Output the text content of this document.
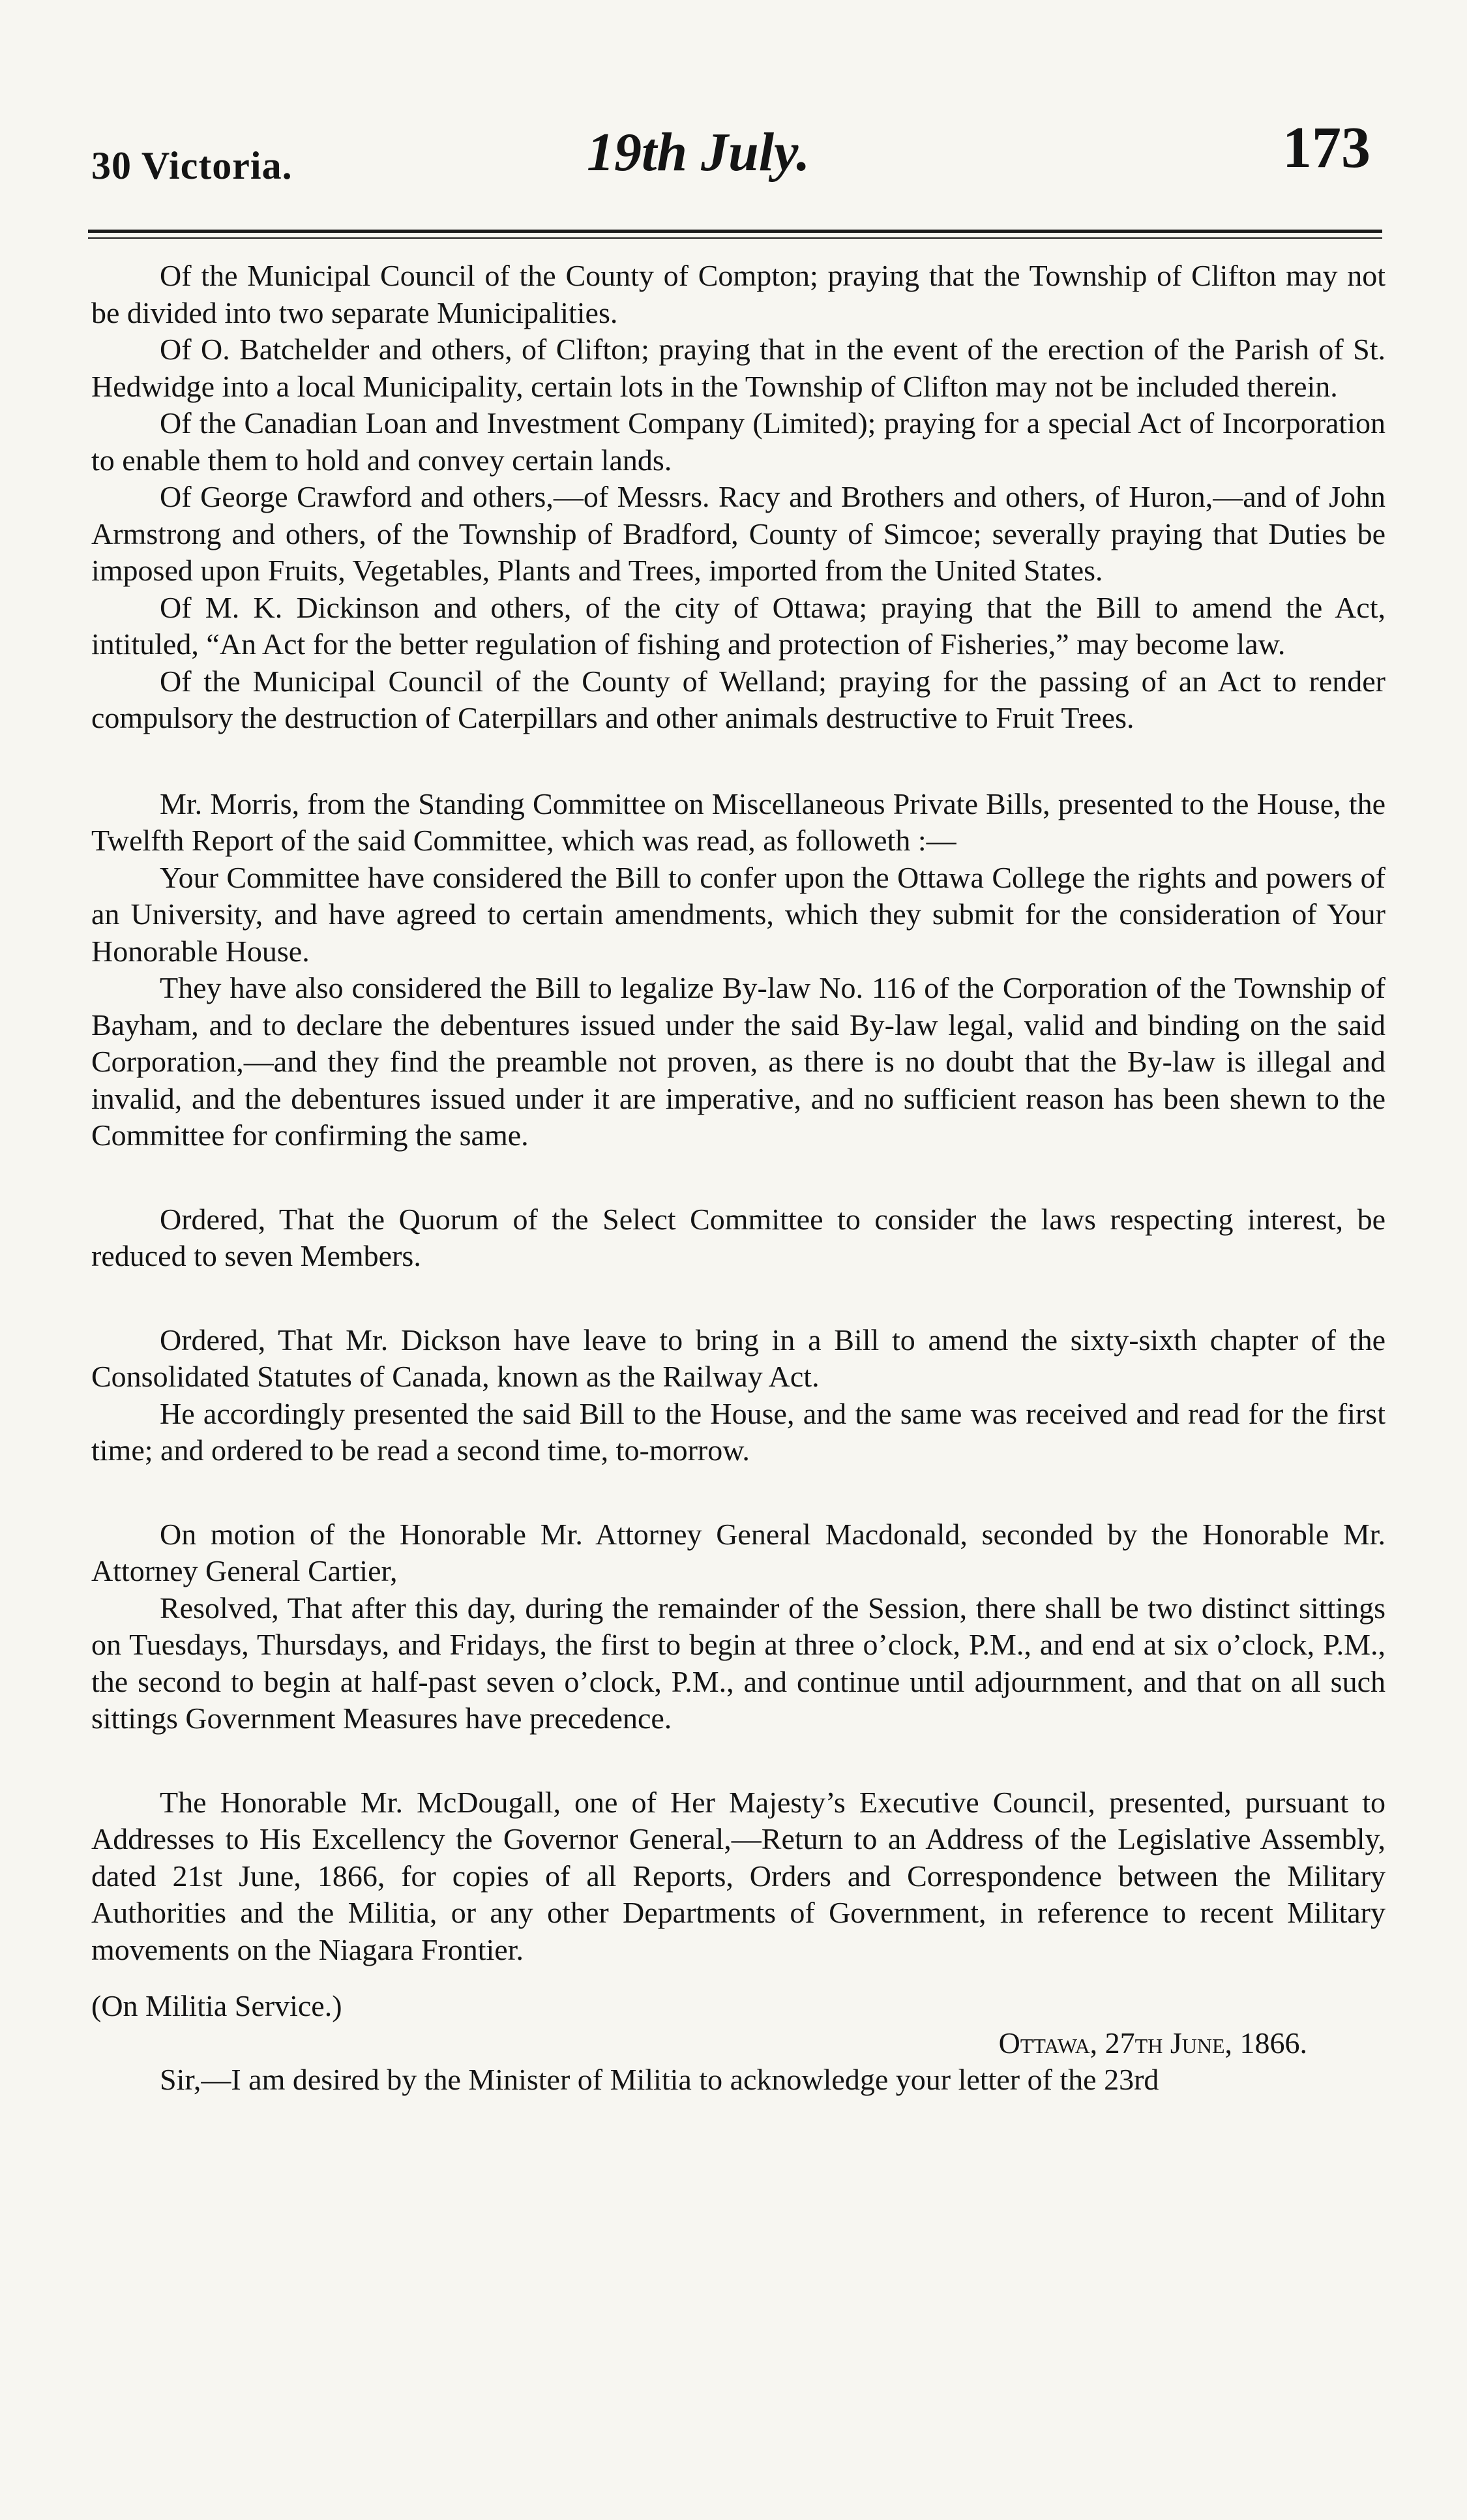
30 Victoria.	19th July.	173

Of the Municipal Council of the County of Compton; praying that the Township of Clifton may not be divided into two separate Municipalities.

Of O. Batchelder and others, of Clifton; praying that in the event of the erection of the Parish of St. Hedwidge into a local Municipality, certain lots in the Township of Clifton may not be included therein.

Of the Canadian Loan and Investment Company (Limited); praying for a special Act of Incorporation to enable them to hold and convey certain lands.

Of George Crawford and others,—of Messrs. Racy and Brothers and others, of Huron,—and of John Armstrong and others, of the Township of Bradford, County of Simcoe; severally praying that Duties be imposed upon Fruits, Vegetables, Plants and Trees, imported from the United States.

Of M. K. Dickinson and others, of the city of Ottawa; praying that the Bill to amend the Act, intituled, “An Act for the better regulation of fishing and protection of Fisheries,” may become law.

Of the Municipal Council of the County of Welland; praying for the passing of an Act to render compulsory the destruction of Caterpillars and other animals destructive to Fruit Trees.

Mr. Morris, from the Standing Committee on Miscellaneous Private Bills, presented to the House, the Twelfth Report of the said Committee, which was read, as followeth :—

Your Committee have considered the Bill to confer upon the Ottawa College the rights and powers of an University, and have agreed to certain amendments, which they submit for the consideration of Your Honorable House.

They have also considered the Bill to legalize By-law No. 116 of the Corporation of the Township of Bayham, and to declare the debentures issued under the said By-law legal, valid and binding on the said Corporation,—and they find the preamble not proven, as there is no doubt that the By-law is illegal and invalid, and the debentures issued under it are imperative, and no sufficient reason has been shewn to the Committee for confirming the same.

Ordered, That the Quorum of the Select Committee to consider the laws respecting interest, be reduced to seven Members.

Ordered, That Mr. Dickson have leave to bring in a Bill to amend the sixty-sixth chapter of the Consolidated Statutes of Canada, known as the Railway Act.

He accordingly presented the said Bill to the House, and the same was received and read for the first time; and ordered to be read a second time, to-morrow.

On motion of the Honorable Mr. Attorney General Macdonald, seconded by the Honorable Mr. Attorney General Cartier,

Resolved, That after this day, during the remainder of the Session, there shall be two distinct sittings on Tuesdays, Thursdays, and Fridays, the first to begin at three o’clock, P.M., and end at six o’clock, P.M., the second to begin at half-past seven o’clock, P.M., and continue until adjournment, and that on all such sittings Government Measures have precedence.

The Honorable Mr. McDougall, one of Her Majesty’s Executive Council, presented, pursuant to Addresses to His Excellency the Governor General,—Return to an Address of the Legislative Assembly, dated 21st June, 1866, for copies of all Reports, Orders and Correspondence between the Military Authorities and the Militia, or any other Departments of Government, in reference to recent Military movements on the Niagara Frontier.

(On Militia Service.)

Ottawa, 27th June, 1866.

Sir,—I am desired by the Minister of Militia to acknowledge your letter of the 23rd
